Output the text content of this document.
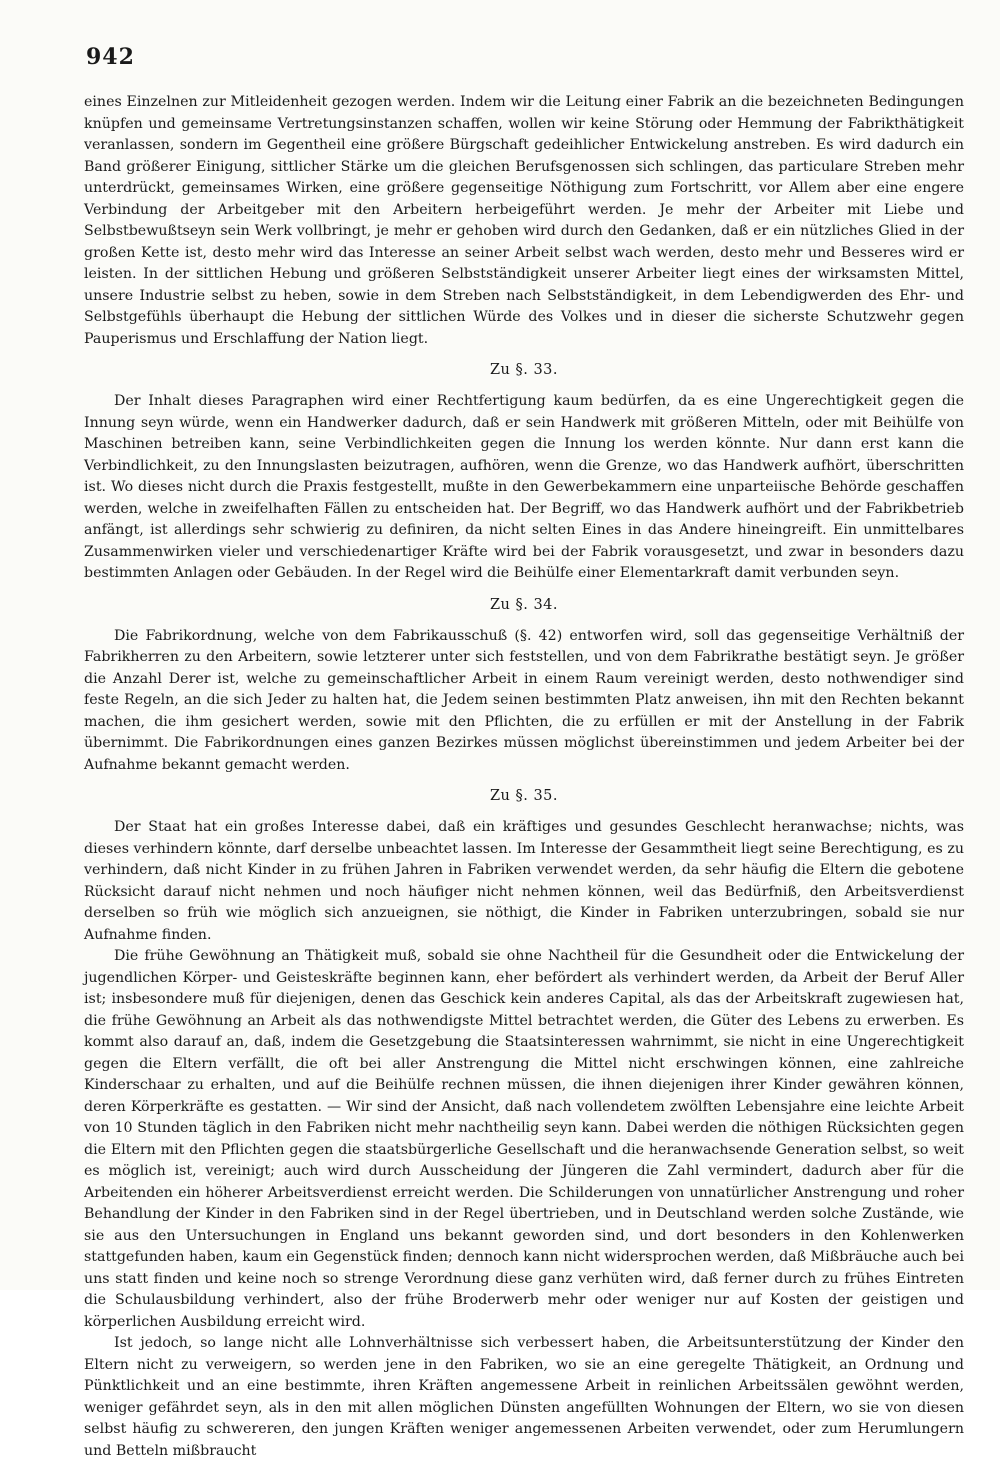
942

eines Einzelnen zur Mitleidenheit gezogen werden. Indem wir die Leitung einer Fabrik an die bezeichneten Bedingungen knüpfen und gemeinsame Vertretungsinstanzen schaffen, wollen wir keine Störung oder Hemmung der Fabrikthätigkeit veranlassen, sondern im Gegentheil eine größere Bürgschaft gedeihlicher Entwickelung anstreben. Es wird dadurch ein Band größerer Einigung, sittlicher Stärke um die gleichen Berufsgenossen sich schlingen, das particulare Streben mehr unterdrückt, gemeinsames Wirken, eine größere gegenseitige Nöthigung zum Fortschritt, vor Allem aber eine engere Verbindung der Arbeitgeber mit den Arbeitern herbeigeführt werden. Je mehr der Arbeiter mit Liebe und Selbstbewußtseyn sein Werk vollbringt, je mehr er gehoben wird durch den Gedanken, daß er ein nützliches Glied in der großen Kette ist, desto mehr wird das Interesse an seiner Arbeit selbst wach werden, desto mehr und Besseres wird er leisten. In der sittlichen Hebung und größeren Selbstständigkeit unserer Arbeiter liegt eines der wirksamsten Mittel, unsere Industrie selbst zu heben, sowie in dem Streben nach Selbstständigkeit, in dem Lebendigwerden des Ehr- und Selbstgefühls überhaupt die Hebung der sittlichen Würde des Volkes und in dieser die sicherste Schutzwehr gegen Pauperismus und Erschlaffung der Nation liegt.

Zu §. 33.

Der Inhalt dieses Paragraphen wird einer Rechtfertigung kaum bedürfen, da es eine Ungerechtigkeit gegen die Innung seyn würde, wenn ein Handwerker dadurch, daß er sein Handwerk mit größeren Mitteln, oder mit Beihülfe von Maschinen betreiben kann, seine Verbindlichkeiten gegen die Innung los werden könnte. Nur dann erst kann die Verbindlichkeit, zu den Innungslasten beizutragen, aufhören, wenn die Grenze, wo das Handwerk aufhört, überschritten ist. Wo dieses nicht durch die Praxis festgestellt, mußte in den Gewerbekammern eine unparteiische Behörde geschaffen werden, welche in zweifelhaften Fällen zu entscheiden hat. Der Begriff, wo das Handwerk aufhört und der Fabrikbetrieb anfängt, ist allerdings sehr schwierig zu definiren, da nicht selten Eines in das Andere hineingreift. Ein unmittelbares Zusammenwirken vieler und verschiedenartiger Kräfte wird bei der Fabrik vorausgesetzt, und zwar in besonders dazu bestimmten Anlagen oder Gebäuden. In der Regel wird die Beihülfe einer Elementarkraft damit verbunden seyn.

Zu §. 34.

Die Fabrikordnung, welche von dem Fabrikausschuß (§. 42) entworfen wird, soll das gegenseitige Verhältniß der Fabrikherren zu den Arbeitern, sowie letzterer unter sich feststellen, und von dem Fabrikrathe bestätigt seyn. Je größer die Anzahl Derer ist, welche zu gemeinschaftlicher Arbeit in einem Raum vereinigt werden, desto nothwendiger sind feste Regeln, an die sich Jeder zu halten hat, die Jedem seinen bestimmten Platz anweisen, ihn mit den Rechten bekannt machen, die ihm gesichert werden, sowie mit den Pflichten, die zu erfüllen er mit der Anstellung in der Fabrik übernimmt. Die Fabrikordnungen eines ganzen Bezirkes müssen möglichst übereinstimmen und jedem Arbeiter bei der Aufnahme bekannt gemacht werden.

Zu §. 35.

Der Staat hat ein großes Interesse dabei, daß ein kräftiges und gesundes Geschlecht heranwachse; nichts, was dieses verhindern könnte, darf derselbe unbeachtet lassen. Im Interesse der Gesammtheit liegt seine Berechtigung, es zu verhindern, daß nicht Kinder in zu frühen Jahren in Fabriken verwendet werden, da sehr häufig die Eltern die gebotene Rücksicht darauf nicht nehmen und noch häufiger nicht nehmen können, weil das Bedürfniß, den Arbeitsverdienst derselben so früh wie möglich sich anzueignen, sie nöthigt, die Kinder in Fabriken unterzubringen, sobald sie nur Aufnahme finden.

Die frühe Gewöhnung an Thätigkeit muß, sobald sie ohne Nachtheil für die Gesundheit oder die Entwickelung der jugendlichen Körper- und Geisteskräfte beginnen kann, eher befördert als verhindert werden, da Arbeit der Beruf Aller ist; insbesondere muß für diejenigen, denen das Geschick kein anderes Capital, als das der Arbeitskraft zugewiesen hat, die frühe Gewöhnung an Arbeit als das nothwendigste Mittel betrachtet werden, die Güter des Lebens zu erwerben. Es kommt also darauf an, daß, indem die Gesetzgebung die Staatsinteressen wahrnimmt, sie nicht in eine Ungerechtigkeit gegen die Eltern verfällt, die oft bei aller Anstrengung die Mittel nicht erschwingen können, eine zahlreiche Kinderschaar zu erhalten, und auf die Beihülfe rechnen müssen, die ihnen diejenigen ihrer Kinder gewähren können, deren Körperkräfte es gestatten. — Wir sind der Ansicht, daß nach vollendetem zwölften Lebensjahre eine leichte Arbeit von 10 Stunden täglich in den Fabriken nicht mehr nachtheilig seyn kann. Dabei werden die nöthigen Rücksichten gegen die Eltern mit den Pflichten gegen die staatsbürgerliche Gesellschaft und die heranwachsende Generation selbst, so weit es möglich ist, vereinigt; auch wird durch Ausscheidung der Jüngeren die Zahl vermindert, dadurch aber für die Arbeitenden ein höherer Arbeitsverdienst erreicht werden. Die Schilderungen von unnatürlicher Anstrengung und roher Behandlung der Kinder in den Fabriken sind in der Regel übertrieben, und in Deutschland werden solche Zustände, wie sie aus den Untersuchungen in England uns bekannt geworden sind, und dort besonders in den Kohlenwerken stattgefunden haben, kaum ein Gegenstück finden; dennoch kann nicht widersprochen werden, daß Mißbräuche auch bei uns statt finden und keine noch so strenge Verordnung diese ganz verhüten wird, daß ferner durch zu frühes Eintreten die Schulausbildung verhindert, also der frühe Broderwerb mehr oder weniger nur auf Kosten der geistigen und körperlichen Ausbildung erreicht wird.

Ist jedoch, so lange nicht alle Lohnverhältnisse sich verbessert haben, die Arbeitsunterstützung der Kinder den Eltern nicht zu verweigern, so werden jene in den Fabriken, wo sie an eine geregelte Thätigkeit, an Ordnung und Pünktlichkeit und an eine bestimmte, ihren Kräften angemessene Arbeit in reinlichen Arbeitssälen gewöhnt werden, weniger gefährdet seyn, als in den mit allen möglichen Dünsten angefüllten Wohnungen der Eltern, wo sie von diesen selbst häufig zu schwereren, den jungen Kräften weniger angemessenen Arbeiten verwendet, oder zum Herumlungern und Betteln mißbraucht
